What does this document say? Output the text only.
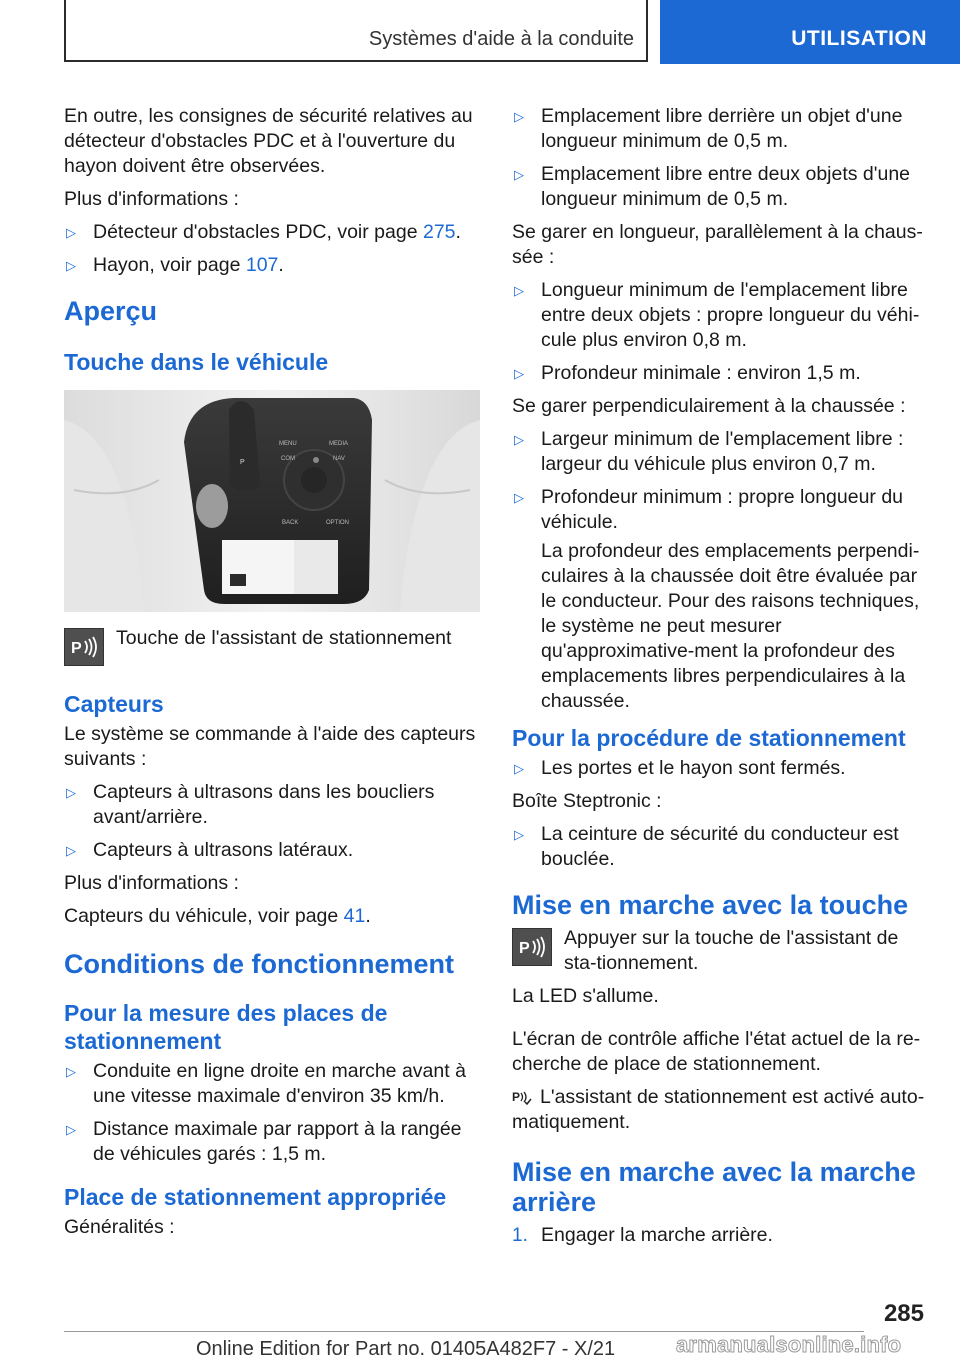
Systèmes d'aide à la conduite	UTILISATION

En outre, les consignes de sécurité relatives au détecteur d'obstacles PDC et à l'ouverture du hayon doivent être observées.

Plus d'informations :

▷ Détecteur d'obstacles PDC, voir page 275.
▷ Hayon, voir page 107.
Aperçu
Touche dans le véhicule
MENU	MEDIA
COM	NAV
BACK	OPTION
P
P Touche de l'assistant de stationnement

Capteurs

Le système se commande à l'aide des capteurs suivants :

▷ Capteurs à ultrasons dans les boucliers avant/arrière.
▷ Capteurs à ultrasons latéraux.

Plus d'informations :

Capteurs du véhicule, voir page 41.

Conditions de fonctionnement
Pour la mesure des places de stationnement
▷ Conduite en ligne droite en marche avant à une vitesse maximale d'environ 35 km/h.
▷ Distance maximale par rapport à la rangée de véhicules garés : 1,5 m.
Place de stationnement appropriée

Généralités :

▷ Emplacement libre derrière un objet d'une longueur minimum de 0,5 m.
▷ Emplacement libre entre deux objets d'une longueur minimum de 0,5 m.

Se garer en longueur, parallèlement à la chaus-sée :

▷ Longueur minimum de l'emplacement libre entre deux objets : propre longueur du véhi-cule plus environ 0,8 m.
▷ Profondeur minimale : environ 1,5 m.

Se garer perpendiculairement à la chaussée :

▷ Largeur minimum de l'emplacement libre : largeur du véhicule plus environ 0,7 m.
▷ Profondeur minimum : propre longueur du véhicule.

La profondeur des emplacements perpendi-culaires à la chaussée doit être évaluée par le conducteur. Pour des raisons techniques, le système ne peut mesurer qu'approximative-ment la profondeur des emplacements libres perpendiculaires à la chaussée.

Pour la procédure de stationnement
▷ Les portes et le hayon sont fermés.

Boîte Steptronic :

▷ La ceinture de sécurité du conducteur est bouclée.
Mise en marche avec la touche
P Appuyer sur la touche de l'assistant de sta-tionnement.

La LED s'allume.

L'écran de contrôle affiche l'état actuel de la re-cherche de place de stationnement.

P L'assistant de stationnement est activé auto-matiquement.

Mise en marche avec la marche arrière
1. Engager la marche arrière.
285
Online Edition for Part no. 01405A482F7 - X/21	armanualsonline.info
